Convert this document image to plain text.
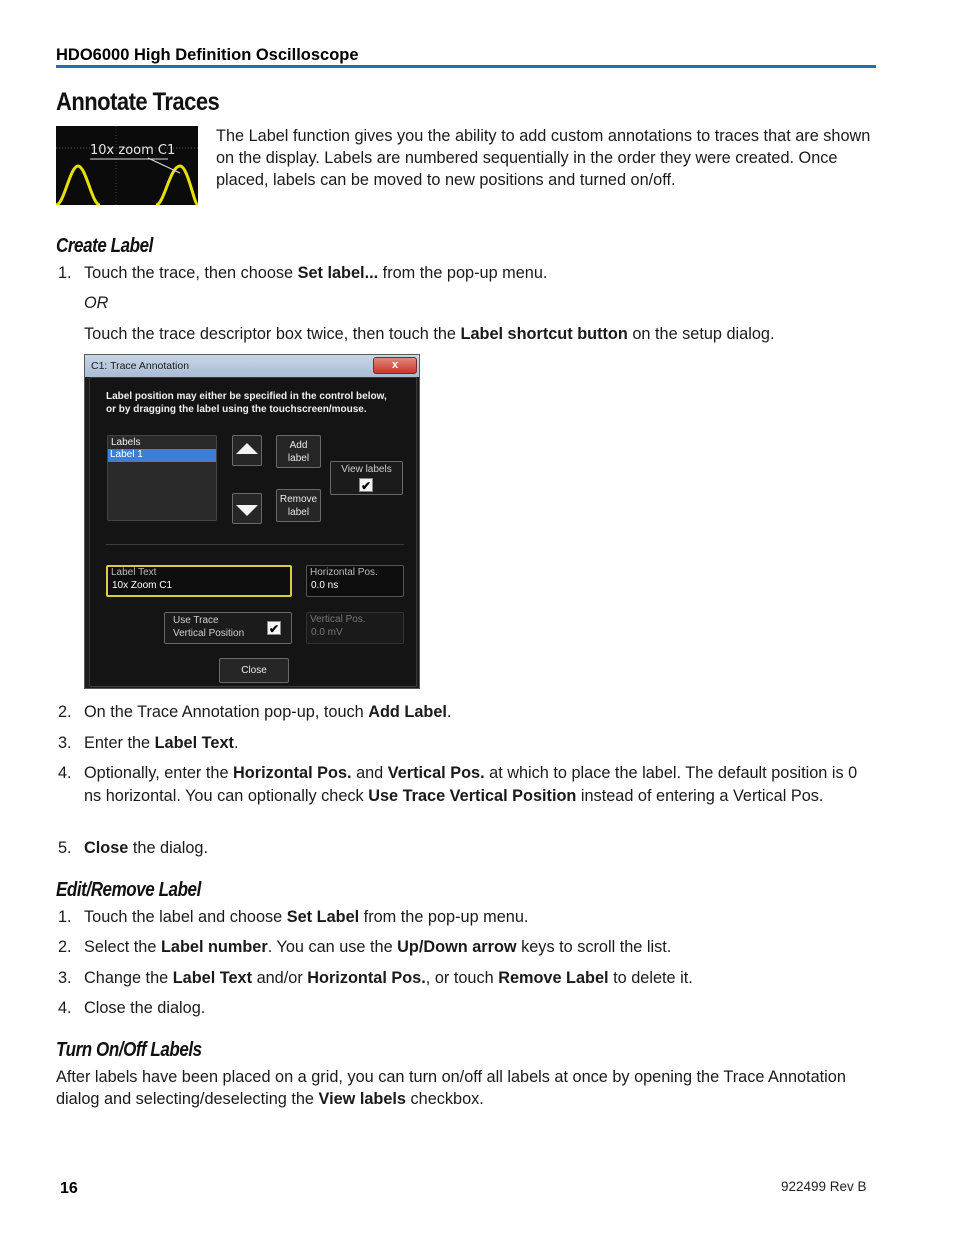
HDO6000 High Definition Oscilloscope
Annotate Traces
10x zoom C1
The Label function gives you the ability to add custom annotations to traces that are shown on the display. Labels are numbered sequentially in the order they were created. Once placed, labels can be moved to new positions and turned on/off.
Create Label
1. Touch the trace, then choose Set label... from the pop-up menu.
OR
Touch the trace descriptor box twice, then touch the Label shortcut button on the setup dialog.
C1: Trace Annotation	x
Label position may either be specified in the control below,
or by dragging the label using the touchscreen/mouse.
Labels
Label 1
Add
label
Remove
label
View labels
✔
Label Text
10x Zoom C1
Horizontal Pos.
0.0 ns
Use Trace
Vertical Position ✔
Vertical Pos.
0.0 mV
Close
2. On the Trace Annotation pop-up, touch Add Label.
3. Enter the Label Text.
4. Optionally, enter the Horizontal Pos. and Vertical Pos. at which to place the label. The default position is 0 ns horizontal. You can optionally check Use Trace Vertical Position instead of entering a Vertical Pos.
5. Close the dialog.
Edit/Remove Label
1. Touch the label and choose Set Label from the pop-up menu.
2. Select the Label number. You can use the Up/Down arrow keys to scroll the list.
3. Change the Label Text and/or Horizontal Pos., or touch Remove Label to delete it.
4. Close the dialog.
Turn On/Off Labels
After labels have been placed on a grid, you can turn on/off all labels at once by opening the Trace Annotation dialog and selecting/deselecting the View labels checkbox.
16	922499 Rev B
